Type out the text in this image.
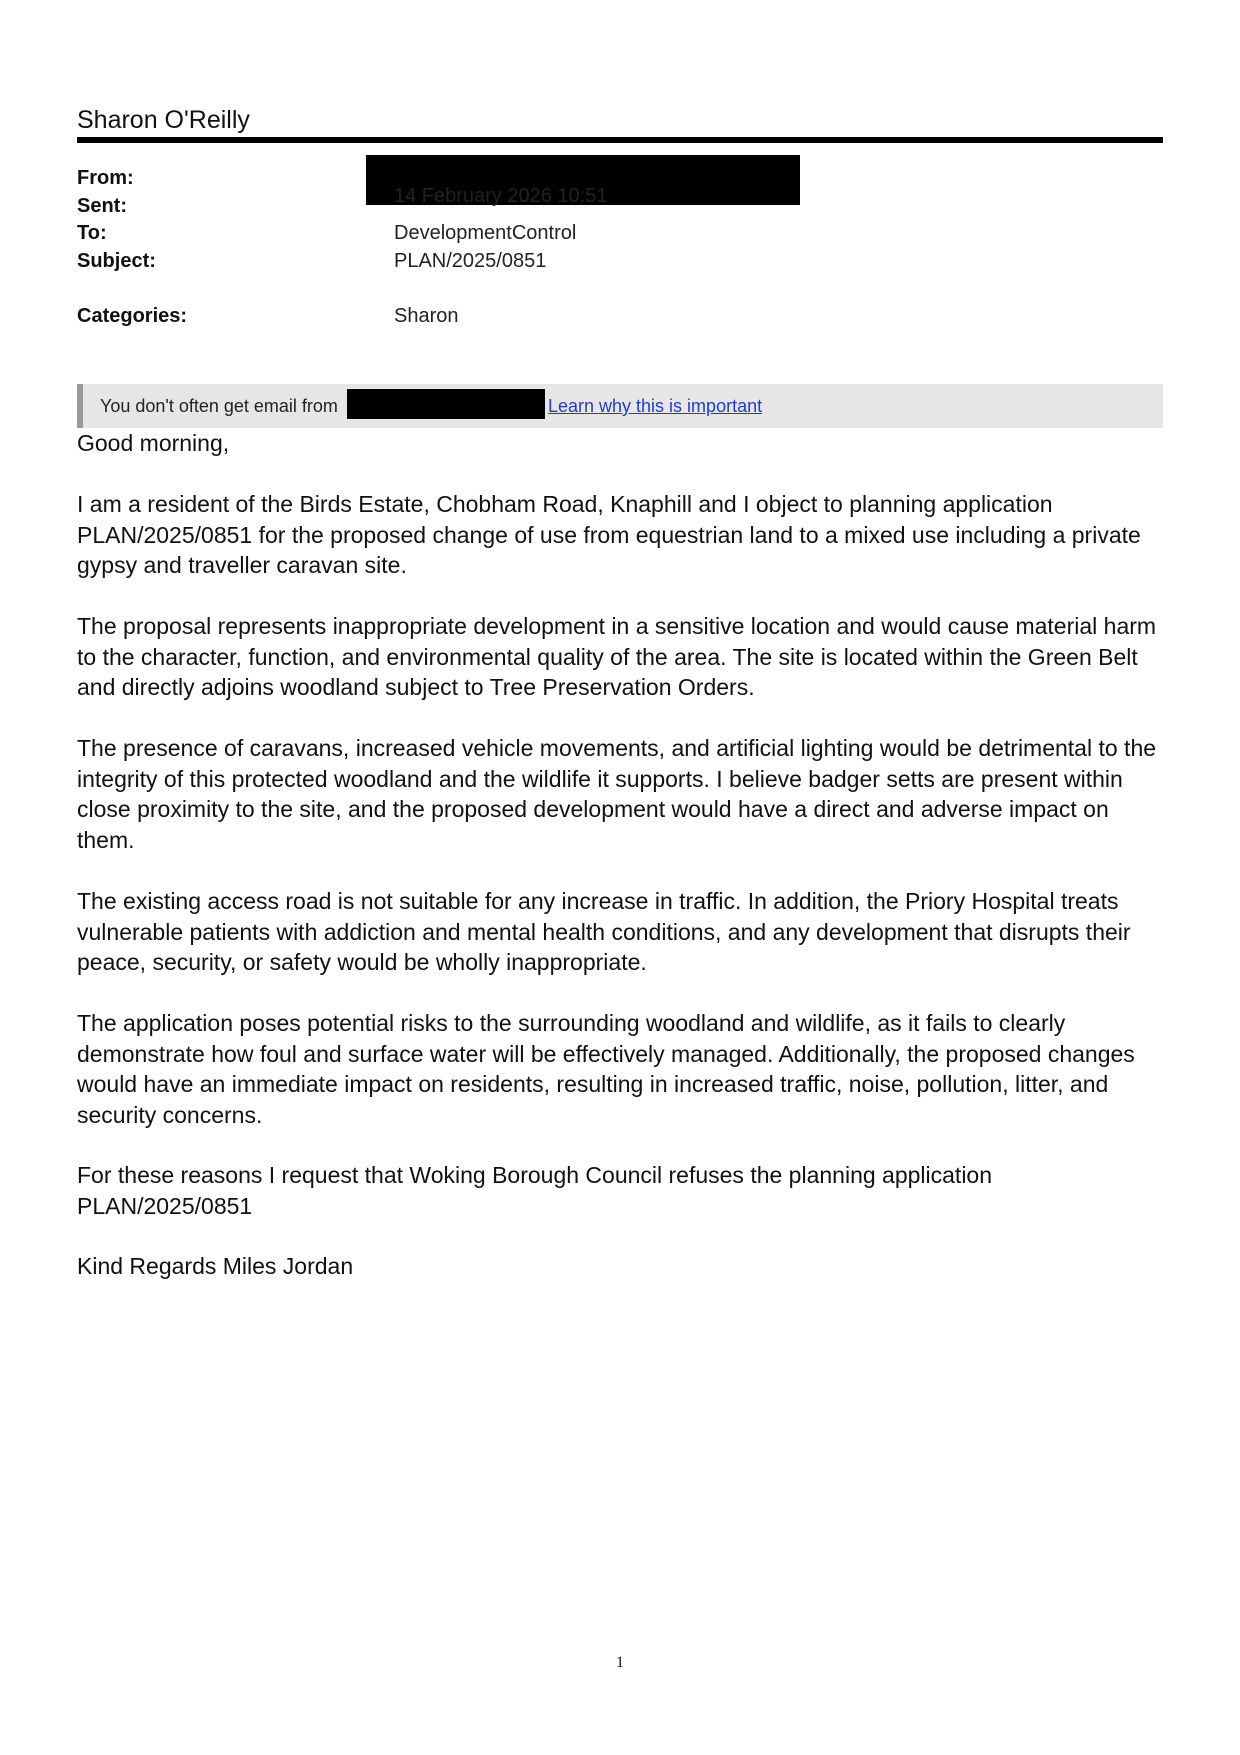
Sharon O'Reilly
From:
Sent:	14 February 2026 10:51
To:	DevelopmentControl
Subject:	PLAN/2025/0851
Categories:	Sharon
You don't often get email from	Learn why this is important
Good morning,
I am a resident of the Birds Estate, Chobham Road, Knaphill and I object to planning application PLAN/2025/0851 for the proposed change of use from equestrian land to a mixed use including a private gypsy and traveller caravan site.
The proposal represents inappropriate development in a sensitive location and would cause material harm to the character, function, and environmental quality of the area. The site is located within the Green Belt and directly adjoins woodland subject to Tree Preservation Orders.
The presence of caravans, increased vehicle movements, and artificial lighting would be detrimental to the integrity of this protected woodland and the wildlife it supports. I believe badger setts are present within close proximity to the site, and the proposed development would have a direct and adverse impact on them.
The existing access road is not suitable for any increase in traffic. In addition, the Priory Hospital treats vulnerable patients with addiction and mental health conditions, and any development that disrupts their peace, security, or safety would be wholly inappropriate.
The application poses potential risks to the surrounding woodland and wildlife, as it fails to clearly demonstrate how foul and surface water will be effectively managed. Additionally, the proposed changes would have an immediate impact on residents, resulting in increased traffic, noise, pollution, litter, and security concerns.
For these reasons I request that Woking Borough Council refuses the planning application PLAN/2025/0851
Kind Regards Miles Jordan
1
